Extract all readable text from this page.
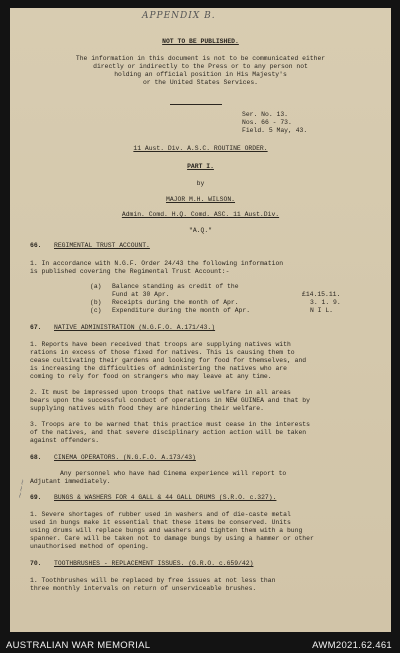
APPENDIX B.
NOT TO BE PUBLISHED.
The information in this document is not to be communicated either
directly or indirectly to the Press or to any person not
holding an official position in His Majesty's
or the United States Services.
Ser. No. 13.
Nos. 66 - 73.
Field. 5 May, 43.
11 Aust. Div. A.S.C. ROUTINE ORDER.
PART I.
by
MAJOR M.H. WILSON.
Admin. Comd. H.Q. Comd. ASC. 11 Aust.Div.
"A.Q."
66. REGIMENTAL TRUST ACCOUNT.
1. In accordance with N.G.F. Order 24/43 the following information
is published covering the Regimental Trust Account:-
(a) Balance standing as credit of the
Fund at 30 Apr.	£14.15.11.
(b) Receipts during the month of Apr.	3. 1. 9.
(c) Expenditure during the month of Apr.	N I L.
67. NATIVE ADMINISTRATION (N.G.F.O. A.171/43.)
1. Reports have been received that troops are supplying natives with
rations in excess of those fixed for natives. This is causing them to
cease cultivating their gardens and looking for food for themselves, and
is increasing the difficulties of administering the natives who are
coming to rely for food on strangers who may leave at any time.
2. It must be impressed upon troops that native welfare in all areas
bears upon the successful conduct of operations in NEW GUINEA and that by
supplying natives with food they are hindering their welfare.
3. Troops are to be warned that this practice must cease in the interests
of the natives, and that severe disciplinary action action will be taken
against offenders.
68. CINEMA OPERATORS. (N.G.F.O. A.173/43)
Any personnel who have had Cinema experience will report to
Adjutant immediately.
69. BUNGS & WASHERS FOR 4 GALL & 44 GALL DRUMS (S.R.O. c.327).
1. Severe shortages of rubber used in washers and of die-caste metal
used in bungs make it essential that these items be conserved. Units
using drums will replace bungs and washers and tighten them with a bung
spanner. Care will be taken not to damage bungs by using a hammer or other
unauthorised method of opening.
70. TOOTHBRUSHES - REPLACEMENT ISSUES. (G.R.O. c.659/42)
1. Toothbrushes will be replaced by free issues at not less than
three monthly intervals on return of unserviceable brushes.
~~~
AUSTRALIAN WAR MEMORIAL	AWM2021.62.461
